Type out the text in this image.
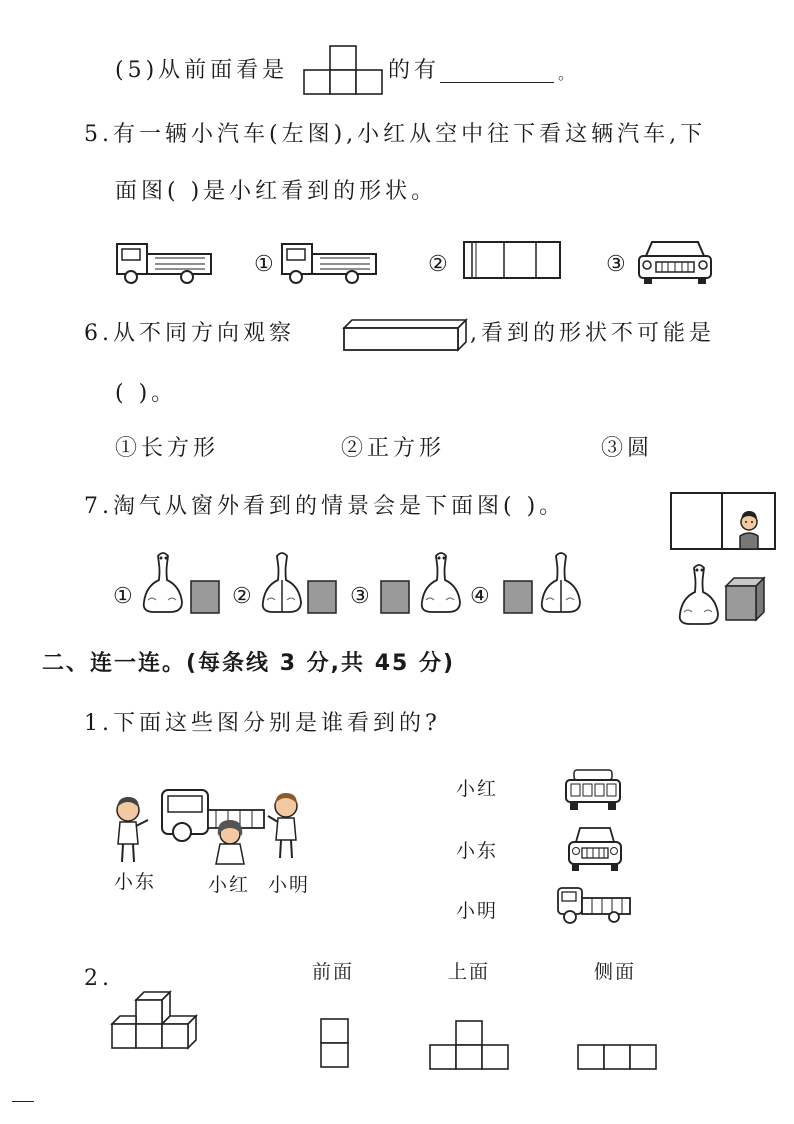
(5)从前面看是	的有	。
5.有一辆小汽车(左图),小红从空中往下看这辆汽车,下
面图( )是小红看到的形状。
①	②	③
6.从不同方向观察	,看到的形状不可能是
( )。
①长方形	②正方形	③圆
7.淘气从窗外看到的情景会是下面图( )。
①	②	③	④
二、连一连。(每条线 3 分,共 45 分)
1.下面这些图分别是谁看到的?
小东	小红 小明
小红
小东
小明
2.	前面	上面	侧面
